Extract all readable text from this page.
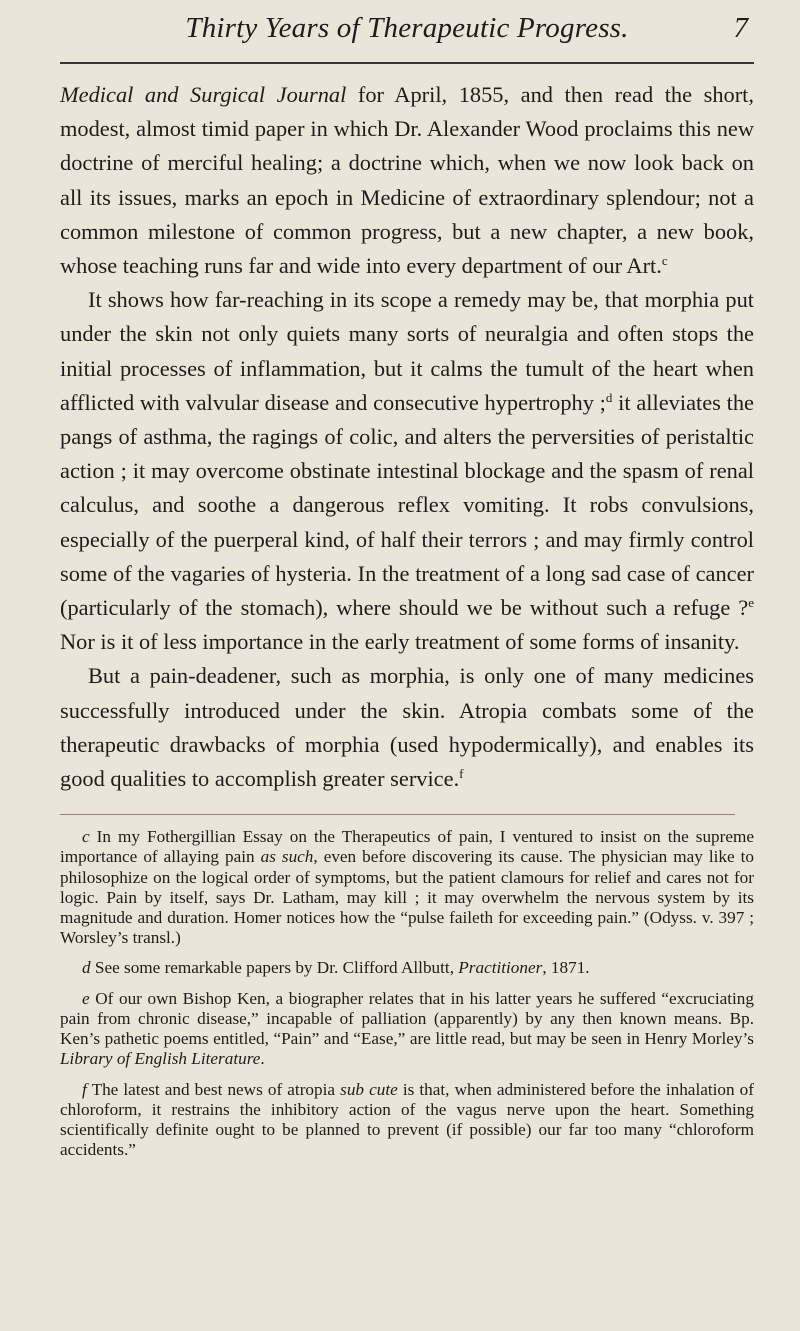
Thirty Years of Therapeutic Progress.	7

Medical and Surgical Journal for April, 1855, and then read the short, modest, almost timid paper in which Dr. Alexander Wood proclaims this new doctrine of merciful healing; a doctrine which, when we now look back on all its issues, marks an epoch in Medicine of extraordinary splendour; not a common milestone of common progress, but a new chapter, a new book, whose teaching runs far and wide into every department of our Art.$^c$

It shows how far-reaching in its scope a remedy may be, that morphia put under the skin not only quiets many sorts of neuralgia and often stops the initial processes of inflammation, but it calms the tumult of the heart when afflicted with valvular disease and consecutive hypertrophy ;$^d$ it alleviates the pangs of asthma, the ragings of colic, and alters the perversities of peristaltic action ; it may overcome obstinate intestinal blockage and the spasm of renal calculus, and soothe a dangerous reflex vomiting. It robs convulsions, especially of the puerperal kind, of half their terrors ; and may firmly control some of the vagaries of hysteria. In the treatment of a long sad case of cancer (particularly of the stomach), where should we be without such a refuge ?$^e$ Nor is it of less importance in the early treatment of some forms of insanity.

But a pain-deadener, such as morphia, is only one of many medicines successfully introduced under the skin. Atropia combats some of the therapeutic drawbacks of morphia (used hypodermically), and enables its good qualities to accomplish greater service.$^f$

c In my Fothergillian Essay on the Therapeutics of pain, I ventured to insist on the supreme importance of allaying pain as such, even before discovering its cause. The physician may like to philosophize on the logical order of symptoms, but the patient clamours for relief and cares not for logic. Pain by itself, says Dr. Latham, may kill ; it may overwhelm the nervous system by its magnitude and duration. Homer notices how the “pulse faileth for exceeding pain.” (Odyss. v. 397 ; Worsley’s transl.)

d See some remarkable papers by Dr. Clifford Allbutt, Practitioner, 1871.

e Of our own Bishop Ken, a biographer relates that in his latter years he suffered “excruciating pain from chronic disease,” incapable of palliation (apparently) by any then known means. Bp. Ken’s pathetic poems entitled, “Pain” and “Ease,” are little read, but may be seen in Henry Morley’s Library of English Literature.

f The latest and best news of atropia sub cute is that, when administered before the inhalation of chloroform, it restrains the inhibitory action of the vagus nerve upon the heart. Something scientifically definite ought to be planned to prevent (if possible) our far too many “chloroform accidents.”
